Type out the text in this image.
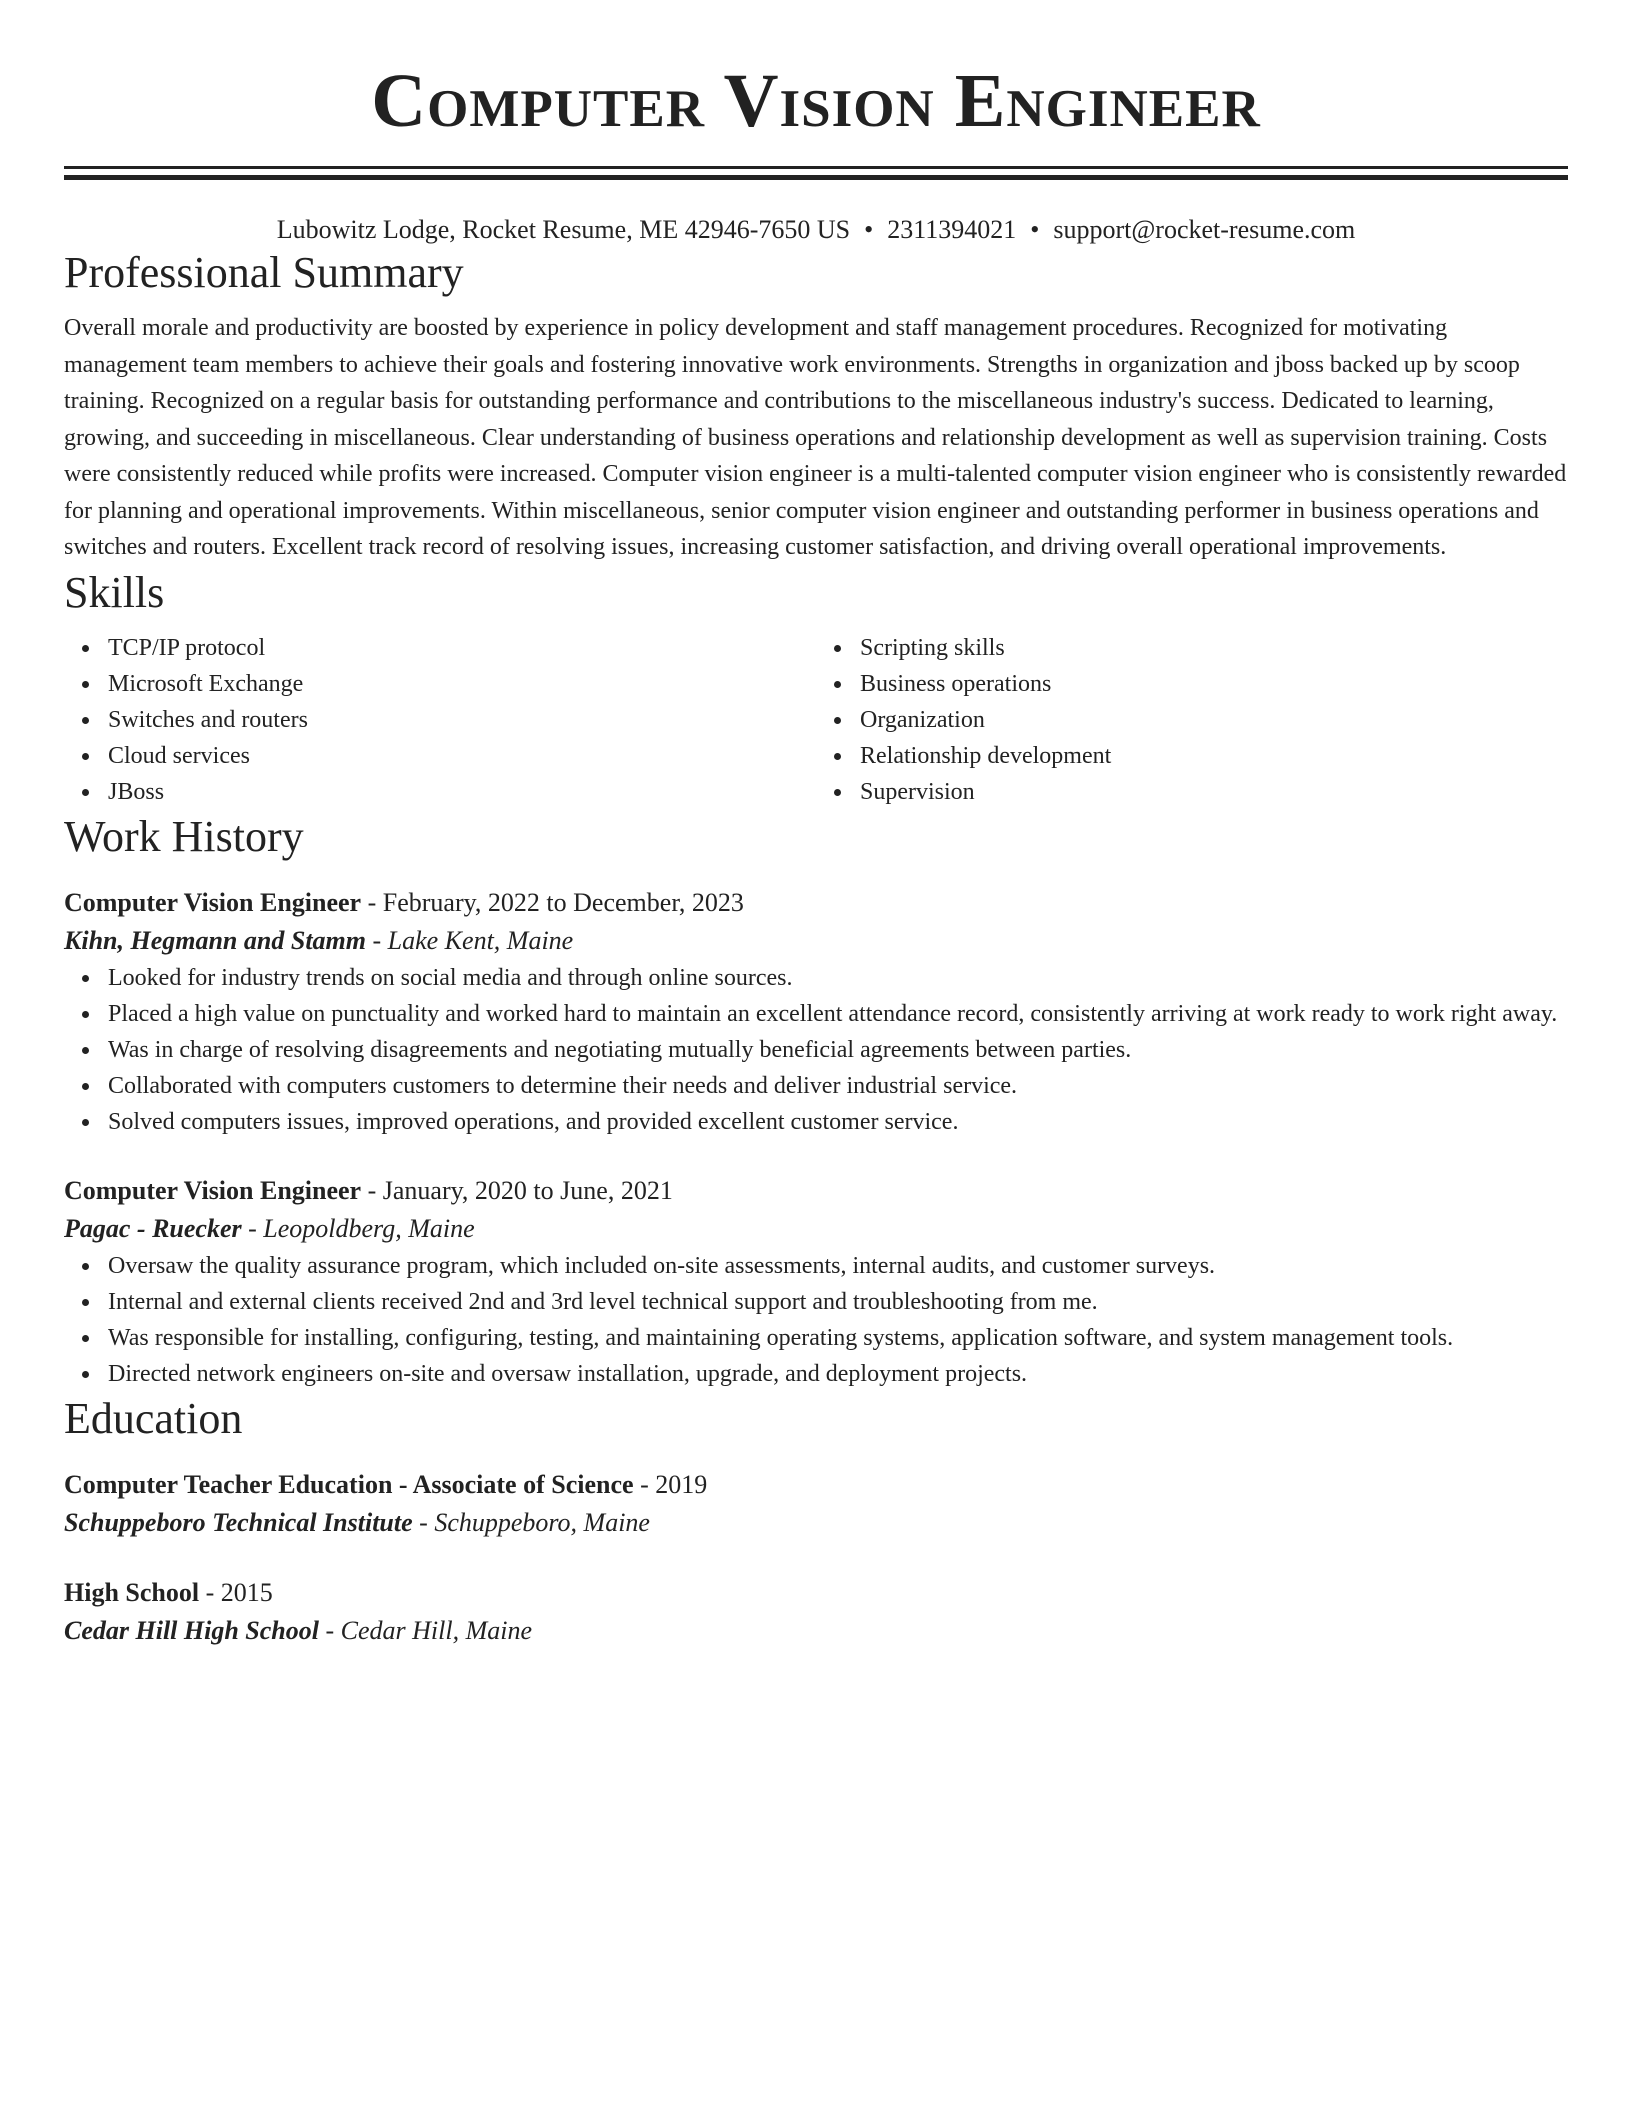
Computer Vision Engineer
Lubowitz Lodge, Rocket Resume, ME 42946-7650 US • 2311394021 • support@rocket-resume.com
Professional Summary

Overall morale and productivity are boosted by experience in policy development and staff management procedures. Recognized for motivating management team members to achieve their goals and fostering innovative work environments. Strengths in organization and jboss backed up by scoop training. Recognized on a regular basis for outstanding performance and contributions to the miscellaneous industry's success. Dedicated to learning, growing, and succeeding in miscellaneous. Clear understanding of business operations and relationship development as well as supervision training. Costs were consistently reduced while profits were increased. Computer vision engineer is a multi-talented computer vision engineer who is consistently rewarded for planning and operational improvements. Within miscellaneous, senior computer vision engineer and outstanding performer in business operations and switches and routers. Excellent track record of resolving issues, increasing customer satisfaction, and driving overall operational improvements.

Skills
TCP/IP protocol
Microsoft Exchange
Switches and routers
Cloud services
JBoss
Scripting skills
Business operations
Organization
Relationship development
Supervision
Work History
Computer Vision Engineer - February, 2022 to December, 2023
Kihn, Hegmann and Stamm - Lake Kent, Maine
Looked for industry trends on social media and through online sources.
Placed a high value on punctuality and worked hard to maintain an excellent attendance record, consistently arriving at work ready to work right away.
Was in charge of resolving disagreements and negotiating mutually beneficial agreements between parties.
Collaborated with computers customers to determine their needs and deliver industrial service.
Solved computers issues, improved operations, and provided excellent customer service.
Computer Vision Engineer - January, 2020 to June, 2021
Pagac - Ruecker - Leopoldberg, Maine
Oversaw the quality assurance program, which included on-site assessments, internal audits, and customer surveys.
Internal and external clients received 2nd and 3rd level technical support and troubleshooting from me.
Was responsible for installing, configuring, testing, and maintaining operating systems, application software, and system management tools.
Directed network engineers on-site and oversaw installation, upgrade, and deployment projects.
Education
Computer Teacher Education - Associate of Science - 2019
Schuppeboro Technical Institute - Schuppeboro, Maine
High School - 2015
Cedar Hill High School - Cedar Hill, Maine
